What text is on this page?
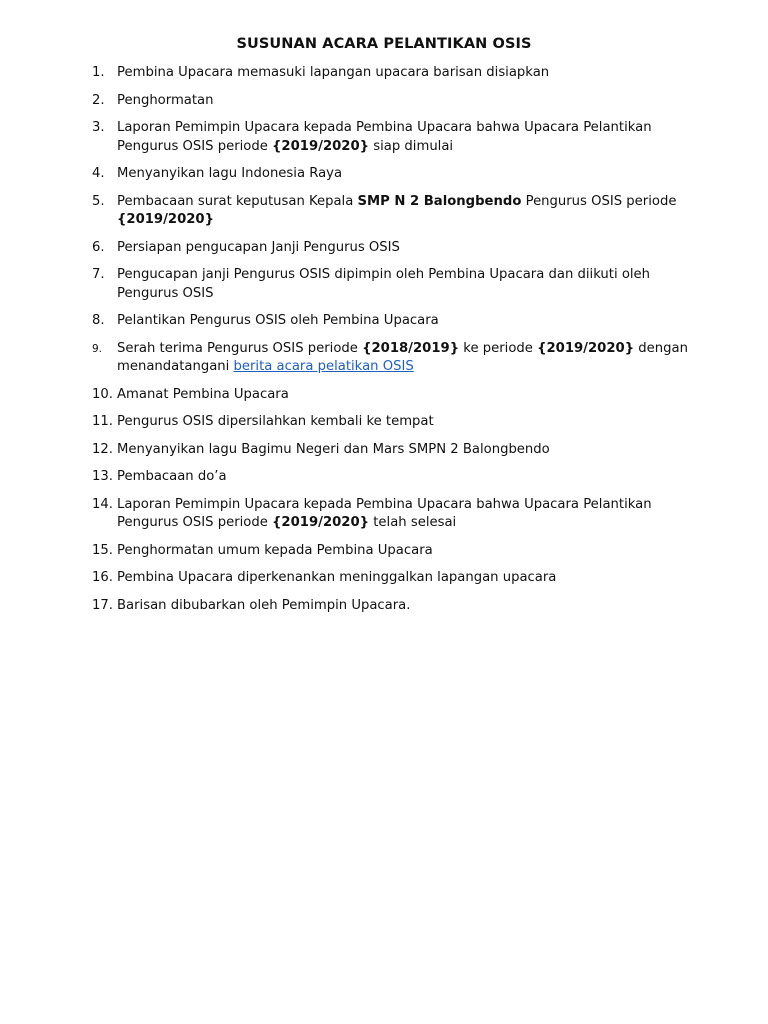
SUSUNAN ACARA PELANTIKAN OSIS
1. Pembina Upacara memasuki lapangan upacara barisan disiapkan
2. Penghormatan
3. Laporan Pemimpin Upacara kepada Pembina Upacara bahwa Upacara Pelantikan Pengurus OSIS periode {2019/2020} siap dimulai
4. Menyanyikan lagu Indonesia Raya
5. Pembacaan surat keputusan Kepala SMP N 2 Balongbendo Pengurus OSIS periode {2019/2020}
6. Persiapan pengucapan Janji Pengurus OSIS
7. Pengucapan janji Pengurus OSIS dipimpin oleh Pembina Upacara dan diikuti oleh Pengurus OSIS
8. Pelantikan Pengurus OSIS oleh Pembina Upacara
9. Serah terima Pengurus OSIS periode {2018/2019} ke periode {2019/2020} dengan menandatangani berita acara pelatikan OSIS
10. Amanat Pembina Upacara
11. Pengurus OSIS dipersilahkan kembali ke tempat
12. Menyanyikan lagu Bagimu Negeri dan Mars SMPN 2 Balongbendo
13. Pembacaan do’a
14. Laporan Pemimpin Upacara kepada Pembina Upacara bahwa Upacara Pelantikan Pengurus OSIS periode {2019/2020} telah selesai
15. Penghormatan umum kepada Pembina Upacara
16. Pembina Upacara diperkenankan meninggalkan lapangan upacara
17. Barisan dibubarkan oleh Pemimpin Upacara.
